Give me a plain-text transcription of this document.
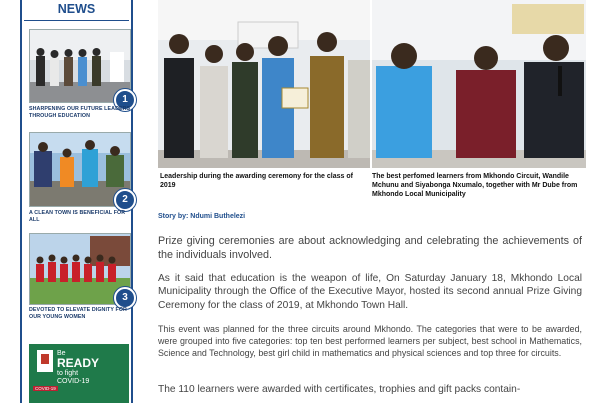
NEWS
1
SHARPENING OUR FUTURE LEADERS THROUGH EDUCATION
2
A CLEAN TOWN IS BENEFICIAL FOR ALL
3
DEVOTED TO ELEVATE DIGNITY FOR OUR YOUNG WOMEN
Be
READY
to fight
COVID-19
COVID-19
Leadership during the awarding ceremony for the class of 2019
The best perfomed learners from Mkhondo Circuit, Wandile Mchunu and Siyabonga Nxumalo, together with Mr Dube from Mkhondo Local Municipality
Story by: Ndumi Buthelezi

Prize giving ceremonies are about acknowledging and celebrating the achievements of the individuals involved.

As it said that education is the weapon of life, On Saturday January 18, Mkhondo Local Municipality through the Office of the Executive Mayor, hosted its second annual Prize Giving Ceremony for the class of 2019, at Mkhondo Town Hall.

This event was planned for the three circuits around Mkhondo. The categories that were to be awarded, were grouped into five categories: top ten best performed learners per subject, best school in Mathematics, Science and Technology, best girl child in mathematics and physical sciences and top three for circuits.

The 110 learners were awarded with certificates, trophies and gift packs contain-
